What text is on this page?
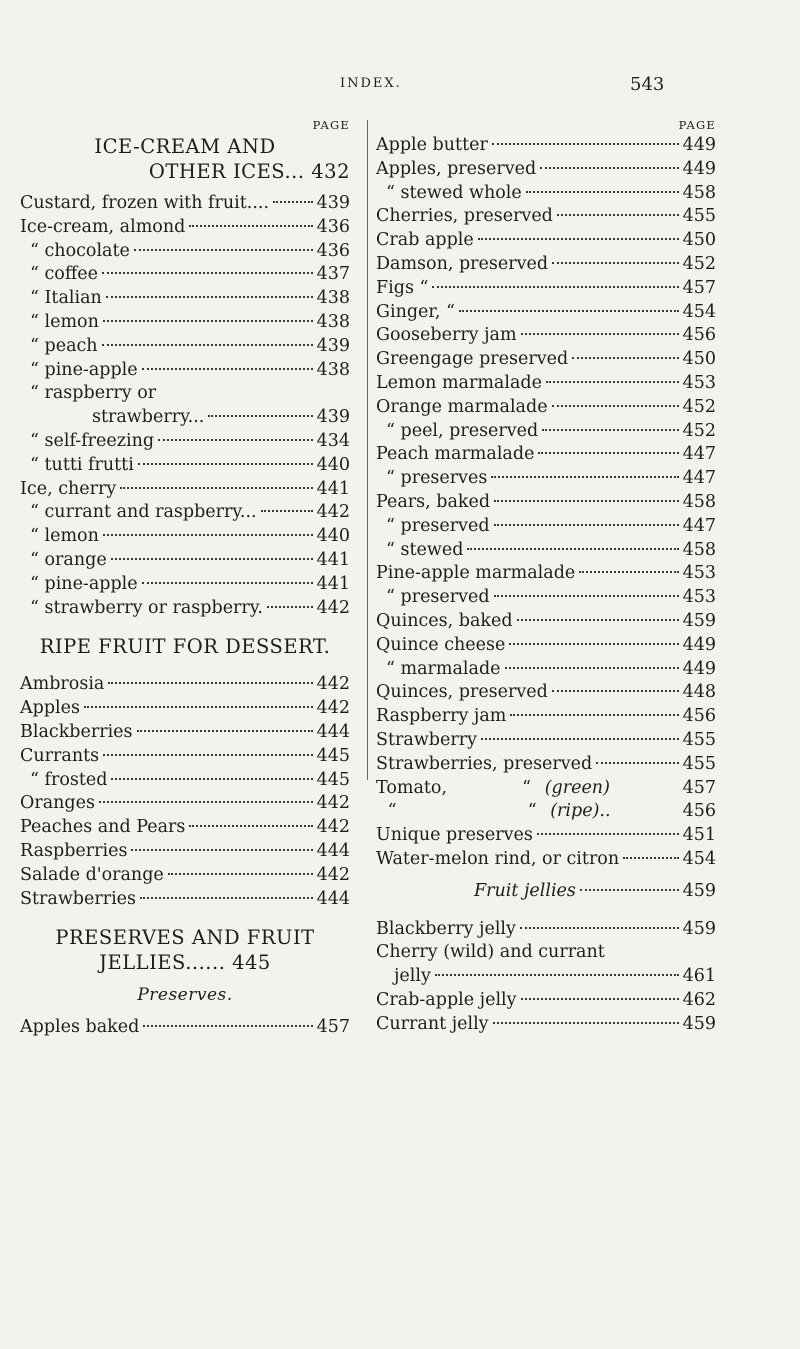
INDEX.	543
PAGE
ICE-CREAM AND
OTHER ICES... 432
Custard, frozen with fruit....	439
Ice-cream, almond	436
“ chocolate	436
“ coffee	437
“ Italian	438
“ lemon	438
“ peach	439
“ pine-apple	438
“ raspberry or
strawberry...	439
“ self-freezing	434
“ tutti frutti	440
Ice, cherry	441
“ currant and raspberry...	442
“ lemon	440
“ orange	441
“ pine-apple	441
“ strawberry or raspberry.	442
RIPE FRUIT FOR DESSERT.
Ambrosia	442
Apples	442
Blackberries	444
Currants	445
“ frosted	445
Oranges	442
Peaches and Pears	442
Raspberries	444
Salade d'orange	442
Strawberries	444
PRESERVES AND FRUIT
JELLIES...... 445
Preserves.
Apples baked	457
PAGE
Apple butter	449
Apples, preserved	449
“ stewed whole	458
Cherries, preserved	455
Crab apple	450
Damson, preserved	452
Figs “	457
Ginger, “	454
Gooseberry jam	456
Greengage preserved	450
Lemon marmalade	453
Orange marmalade	452
“ peel, preserved	452
Peach marmalade	447
“ preserves	447
Pears, baked	458
“ preserved	447
“ stewed	458
Pine-apple marmalade	453
“ preserved	453
Quinces, baked	459
Quince cheese	449
“ marmalade	449
Quinces, preserved	448
Raspberry jam	456
Strawberry	455
Strawberries, preserved	455
Tomato,	“ (green)	457
“	“ (ripe)..	456
Unique preserves	451
Water-melon rind, or citron	454
Fruit jellies	459
Blackberry jelly	459
Cherry (wild) and currant
jelly	461
Crab-apple jelly	462
Currant jelly	459
